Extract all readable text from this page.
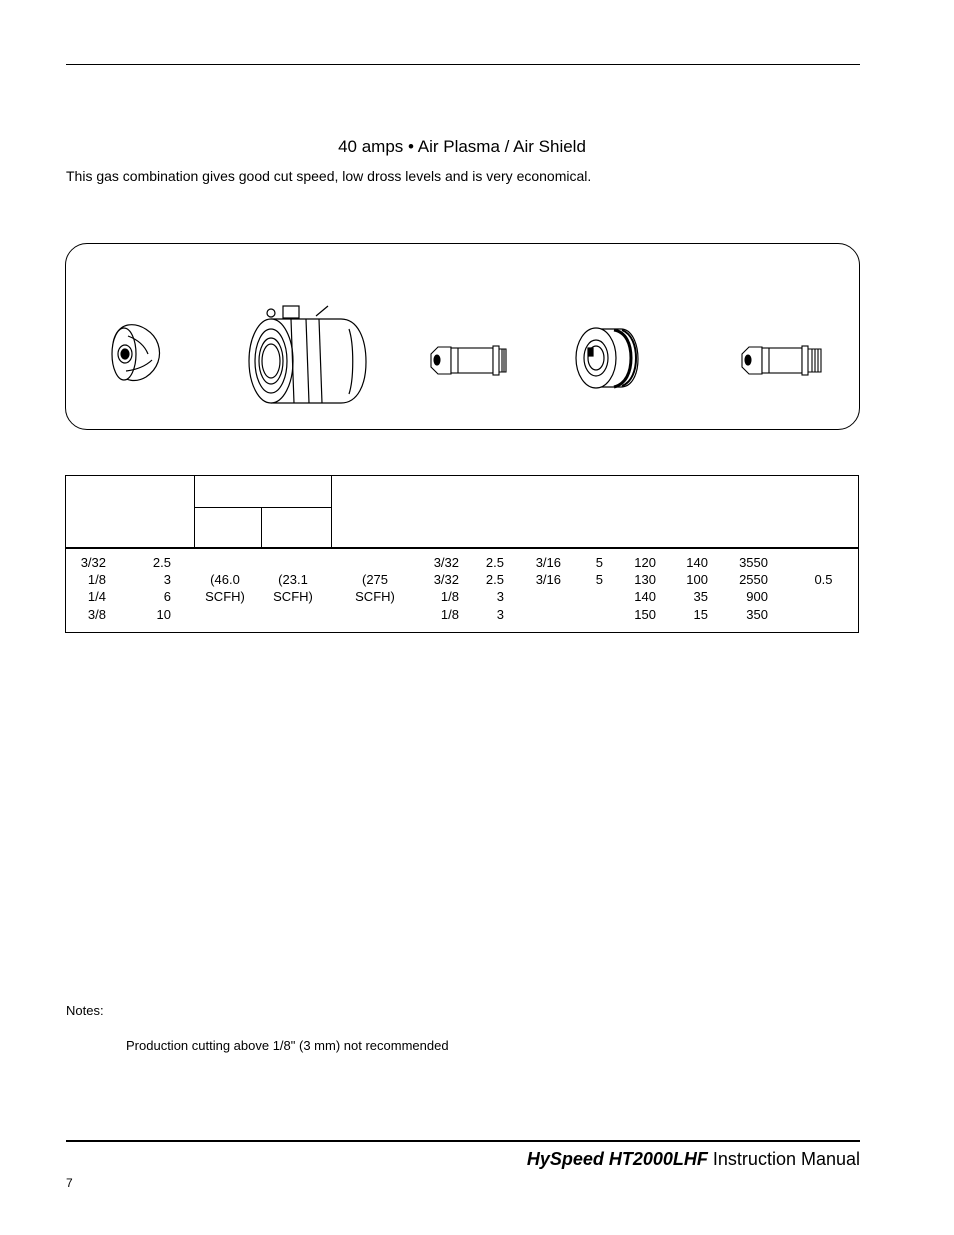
40 amps • Air Plasma / Air Shield
This gas combination gives good cut speed, low dross levels and is very economical.
3/32
1/8
1/4
3/8
2.5
3
6
10
(46.0
SCFH)
(23.1
SCFH)
(275
SCFH)
3/32
3/32
1/8
1/8
2.5
2.5
3
3
3/16
3/16
5
5
120
130
140
150
140
100
35
15
3550
2550
900
350
0.5
Notes:
Production cutting above 1/8" (3 mm) not recommended
HySpeed HT2000LHF Instruction Manual
7
